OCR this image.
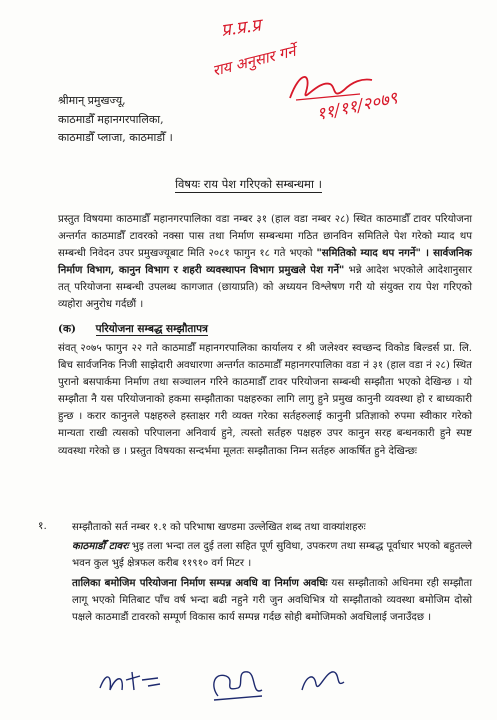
प्र.प्र.प्र
राय अनुसार गर्ने
११/११/२०७९
श्रीमान् प्रमुखज्यू,
काठमाडौँ महानगरपालिका,
काठमाडौँ प्लाजा, काठमाडौँ ।
विषयः राय पेश गरिएको सम्बन्धमा ।

प्रस्तुत विषयमा काठमाडौँ महानगरपालिका वडा नम्बर ३१ (हाल वडा नम्बर २८) स्थित काठमाडौँ टावर परियोजना अन्तर्गत काठमाडौँ टावरको नक्सा पास तथा निर्माण सम्बन्धमा गठित छानविन समितिले पेश गरेको म्याद थप सम्बन्धी निवेदन उपर प्रमुखज्यूबाट मिति २०८१ फागुन १८ गते भएको "समितिको म्याद थप नगर्ने" । सार्वजनिक निर्माण विभाग, कानुन विभाग र शहरी व्यवस्थापन विभाग प्रमुखले पेश गर्ने" भन्ने आदेश भएकोले आदेशानुसार तत् परियोजना सम्बन्धी उपलब्ध कागजात (छायाप्रति) को अध्ययन विश्लेषण गरी यो संयुक्त राय पेश गरिएको व्यहोरा अनुरोध गर्दछौं ।

(क) परियोजना सम्बद्ध सम्झौतापत्र

संवत् २०७५ फागुन २२ गते काठमाडौँ महानगरपालिका कार्यालय र श्री जलेश्वर स्वच्छन्द विकोड बिल्डर्स प्रा. लि. बिच सार्वजनिक निजी साझेदारी अवधारणा अन्तर्गत काठमाडौँ महानगरपालिका वडा नं ३१ (हाल वडा नं २८) स्थित पुरानो बसपार्कमा निर्माण तथा सञ्चालन गरिने काठमाडौँ टावर परियोजना सम्बन्धी सम्झौता भएको देखिन्छ । यो सम्झौता नै यस परियोजनाको हकमा सम्झौताका पक्षहरुका लागि लागु हुने प्रमुख कानुनी व्यवस्था हो र बाध्यकारी हुन्छ । करार कानुनले पक्षहरुले हस्ताक्षर गरी व्यक्त गरेका सर्तहरुलाई कानुनी प्रतिज्ञाको रुपमा स्वीकार गरेको मान्यता राखी त्यसको परिपालना अनिवार्य हुने, त्यस्तो सर्तहरु पक्षहरु उपर कानुन सरह बन्धनकारी हुने स्पष्ट व्यवस्था गरेको छ । प्रस्तुत विषयका सन्दर्भमा मूलतः सम्झौताका निम्न सर्तहरु आकर्षित हुने देखिन्छः

१. सम्झौताको सर्त नम्बर १.१ को परिभाषा खण्डमा उल्लेखित शब्द तथा वाक्यांशहरुः

काठमाडौँ टावरः भुइ तला भन्दा तल दुई तला सहित पूर्ण सुविधा, उपकरण तथा सम्बद्ध पूर्वाधार भएको बहुतल्ले भवन कुल भुई क्षेत्रफल करीब ११९१० वर्ग मिटर ।

तालिका बमोजिम परियोजना निर्माण सम्पन्न अवधि वा निर्माण अवधिः यस सम्झौताको अधिनमा रही सम्झौता लागू भएको मितिबाट पाँच वर्ष भन्दा बढी नहुने गरी जुन अवधिभित्र यो सम्झौताको व्यवस्था बमोजिम दोस्रो पक्षले काठमाडौं टावरको सम्पूर्ण विकास कार्य सम्पन्न गर्दछ सोही बमोजिमको अवधिलाई जनाउँदछ ।
